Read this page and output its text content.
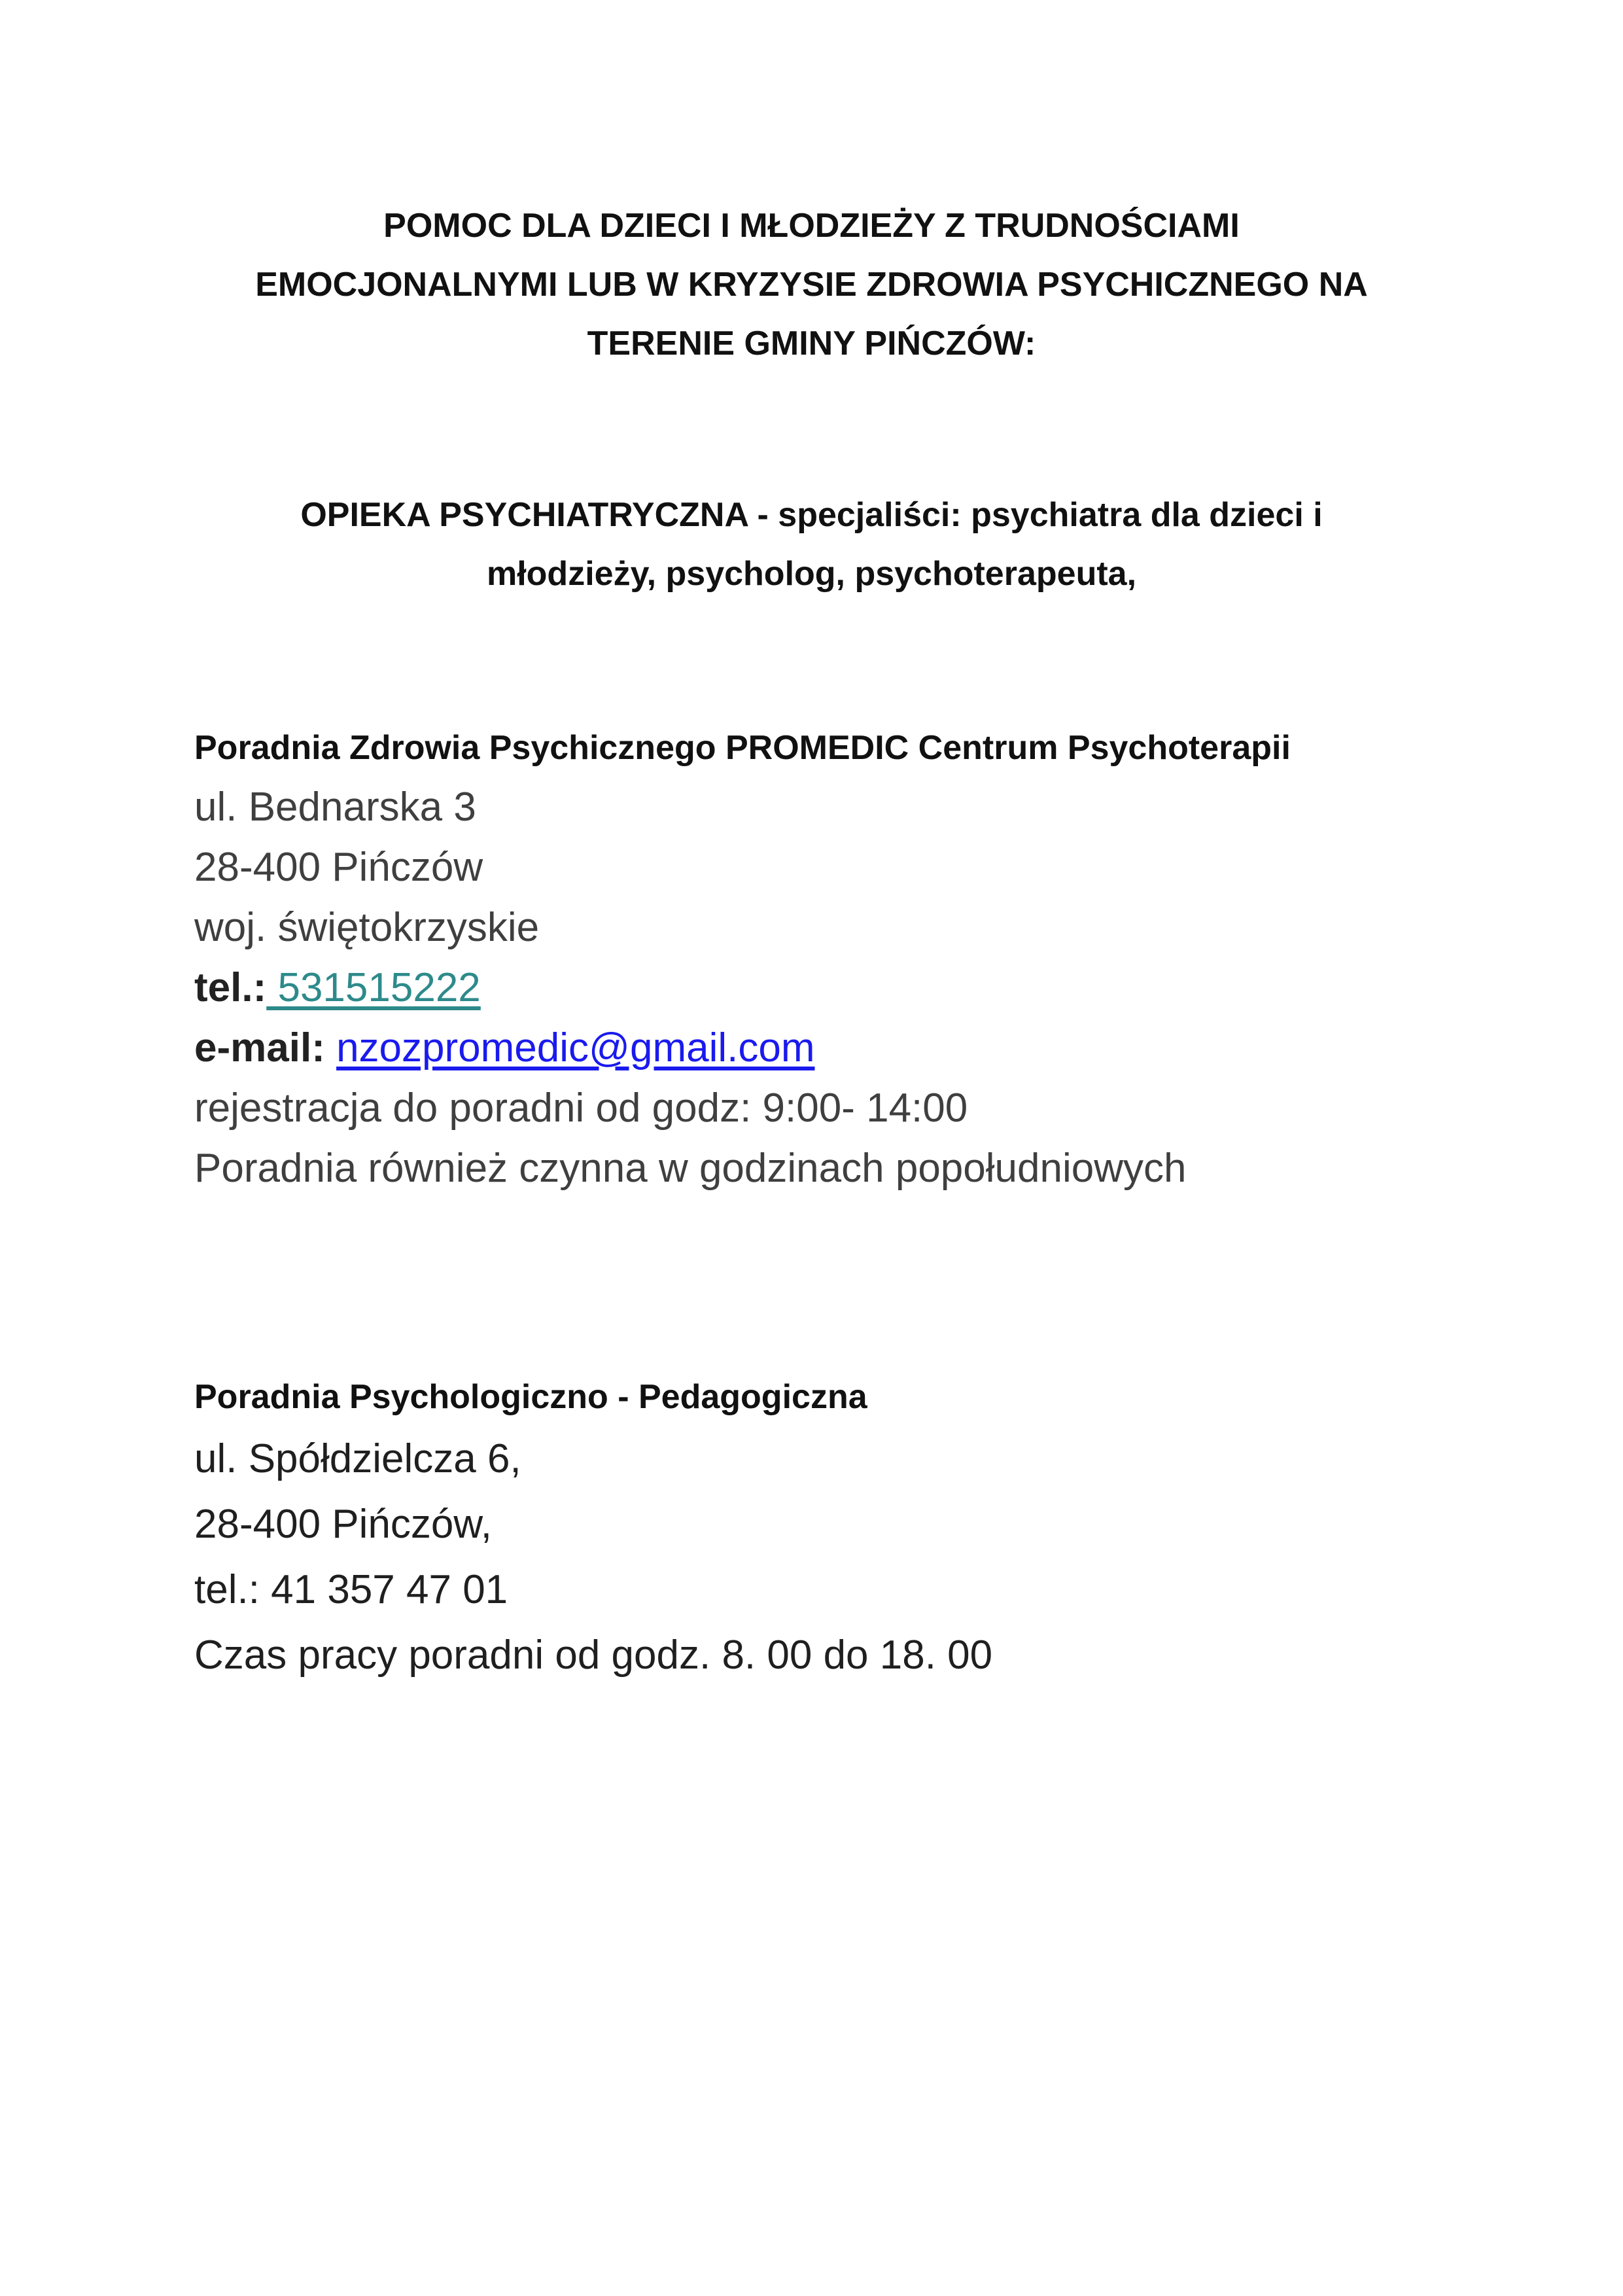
POMOC DLA DZIECI I MŁODZIEŻY Z TRUDNOŚCIAMI
EMOCJONALNYMI LUB W KRYZYSIE ZDROWIA PSYCHICZNEGO NA
TERENIE GMINY PIŃCZÓW:
OPIEKA PSYCHIATRYCZNA - specjaliści: psychiatra dla dzieci i
młodzieży, psycholog, psychoterapeuta,
Poradnia Zdrowia Psychicznego PROMEDIC Centrum Psychoterapii
ul. Bednarska 3
28-400 Pińczów
woj. świętokrzyskie
tel.: 531515222
e-mail: nzozpromedic@gmail.com
rejestracja do poradni od godz: 9:00- 14:00
Poradnia również czynna w godzinach popołudniowych
Poradnia Psychologiczno - Pedagogiczna
ul. Spółdzielcza 6,
28-400 Pińczów,
tel.: 41 357 47 01
Czas pracy poradni od godz. 8. 00 do 18. 00
